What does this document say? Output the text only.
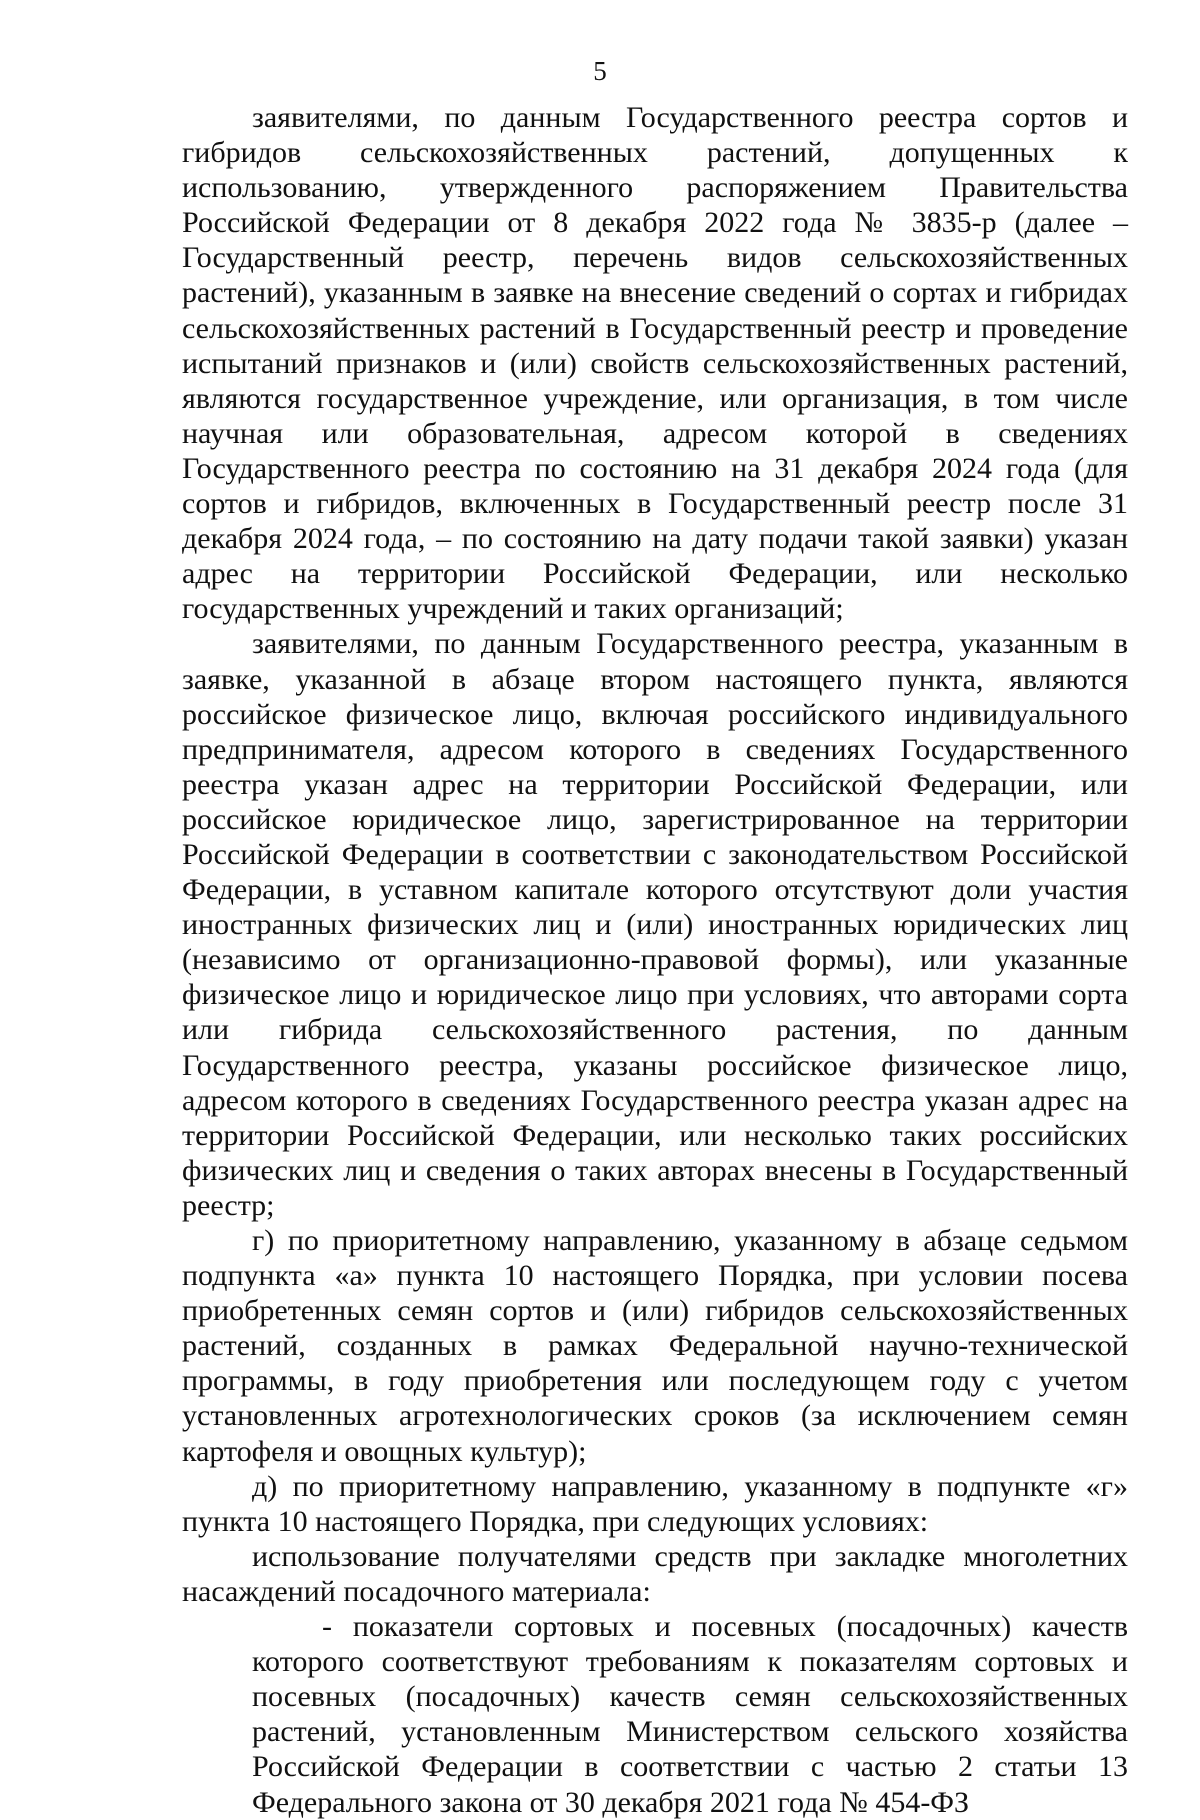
5

заявителями, по данным Государственного реестра сортов и гибридов сельскохозяйственных растений, допущенных к использованию, утвержденного распоряжением Правительства Российской Федерации от 8 декабря 2022 года № 3835-р (далее – Государственный реестр, перечень видов сельскохозяйственных растений), указанным в заявке на внесение сведений о сортах и гибридах сельскохозяйственных растений в Государственный реестр и проведение испытаний признаков и (или) свойств сельскохозяйственных растений, являются государственное учреждение, или организация, в том числе научная или образовательная, адресом которой в сведениях Государственного реестра по состоянию на 31 декабря 2024 года (для сортов и гибридов, включенных в Государственный реестр после 31 декабря 2024 года, – по состоянию на дату подачи такой заявки) указан адрес на территории Российской Федерации, или несколько государственных учреждений и таких организаций;

заявителями, по данным Государственного реестра, указанным в заявке, указанной в абзаце втором настоящего пункта, являются российское физическое лицо, включая российского индивидуального предпринимателя, адресом которого в сведениях Государственного реестра указан адрес на территории Российской Федерации, или российское юридическое лицо, зарегистрированное на территории Российской Федерации в соответствии с законодательством Российской Федерации, в уставном капитале которого отсутствуют доли участия иностранных физических лиц и (или) иностранных юридических лиц (независимо от организационно-правовой формы), или указанные физическое лицо и юридическое лицо при условиях, что авторами сорта или гибрида сельскохозяйственного растения, по данным Государственного реестра, указаны российское физическое лицо, адресом которого в сведениях Государственного реестра указан адрес на территории Российской Федерации, или несколько таких российских физических лиц и сведения о таких авторах внесены в Государственный реестр;

г) по приоритетному направлению, указанному в абзаце седьмом подпункта «а» пункта 10 настоящего Порядка, при условии посева приобретенных семян сортов и (или) гибридов сельскохозяйственных растений, созданных в рамках Федеральной научно-технической программы, в году приобретения или последующем году с учетом установленных агротехнологических сроков (за исключением семян картофеля и овощных культур);

д) по приоритетному направлению, указанному в подпункте «г» пункта 10 настоящего Порядка, при следующих условиях:

использование получателями средств при закладке многолетних насаждений посадочного материала:

- показатели сортовых и посевных (посадочных) качеств которого соответствуют требованиям к показателям сортовых и посевных (посадочных) качеств семян сельскохозяйственных растений, установленным Министерством сельского хозяйства Российской Федерации в соответствии с частью 2 статьи 13 Федерального закона от 30 декабря 2021 года № 454-ФЗ
